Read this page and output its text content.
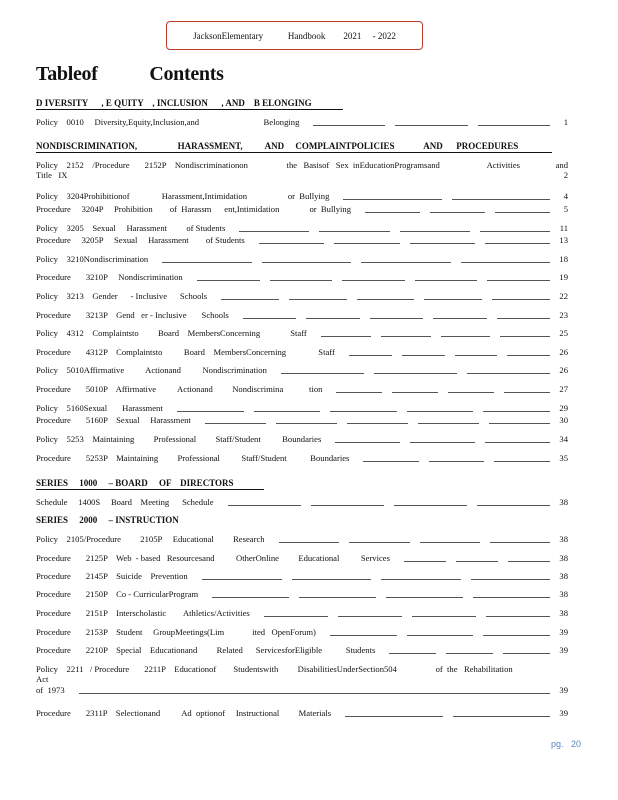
JacksonElementary           Handbook        2021     - 2022
Tableof           Contents
D IVERSITY      , E QUITY    , INCLUSION      , AND    B ELONGING
NONDISCRIMINATION,                  HARASSMENT,          AND     COMPLAINTPOLICIES             AND      PROCEDURES
SERIES     1000     – BOARD     OF    DIRECTORS
SERIES     2000     – INSTRUCTION
Policy    0010     Diversity,Equity,Inclusion,and                              Belonging	1
Policy    2152    /Procedure       2152P    Nondiscriminationon                  the   Basisof   Sex  inEducationProgramsand                      Activities	and
Title   IX	2
Policy    3204Prohibitionof               Harassment,Intimidation                   or  Bullying	4
Procedure     3204P     Prohibition        of  Harassm      ent,Intimidation              or  Bullying	5
Policy    3205    Sexual     Harassment         of Students	11
Procedure     3205P     Sexual     Harassment        of Students	13
Policy    3210Nondiscrimination	18
Procedure       3210P     Nondiscrimination	19
Policy    3213    Gender      - Inclusive      Schools	22
Procedure       3213P    Gend   er - Inclusive       Schools	23
Policy    4312    Complaintsto         Board    MembersConcerning              Staff	25
Procedure       4312P    Complaintsto          Board    MembersConcerning               Staff	26
Policy    5010Affirmative          Actionand          Nondiscrimination	26
Procedure       5010P    Affirmative          Actionand         Nondiscrimina            tion	27
Policy    5160Sexual       Harassment	29
Procedure       5160P    Sexual     Harassment	30
Policy    5253    Maintaining         Professional         Staff/Student          Boundaries	34
Procedure       5253P    Maintaining         Professional          Staff/Student           Boundaries	35
Schedule     1400S     Board    Meeting      Schedule	38
Policy    2105/Procedure         2105P     Educational         Research	38
Procedure       2125P    Web  - based   Resourcesand          OtherOnline         Educational          Services	38
Procedure       2145P    Suicide    Prevention	38
Procedure       2150P    Co - CurricularProgram	38
Procedure       2151P    Interscholastic        Athletics/Activities	38
Procedure       2153P    Student     GroupMeetings(Lim             ited   OpenForum)	39
Procedure       2210P    Special    Educationand         Related      ServicesforEligible           Students	39
Policy    2211   / Procedure       2211P    Educationof        Studentswith         DisabilitiesUnderSection504                  of  the   Rehabilitation
Act
of  1973	39
Procedure       2311P    Selectionand          Ad  optionof     Instructional         Materials	39
pg.   20
